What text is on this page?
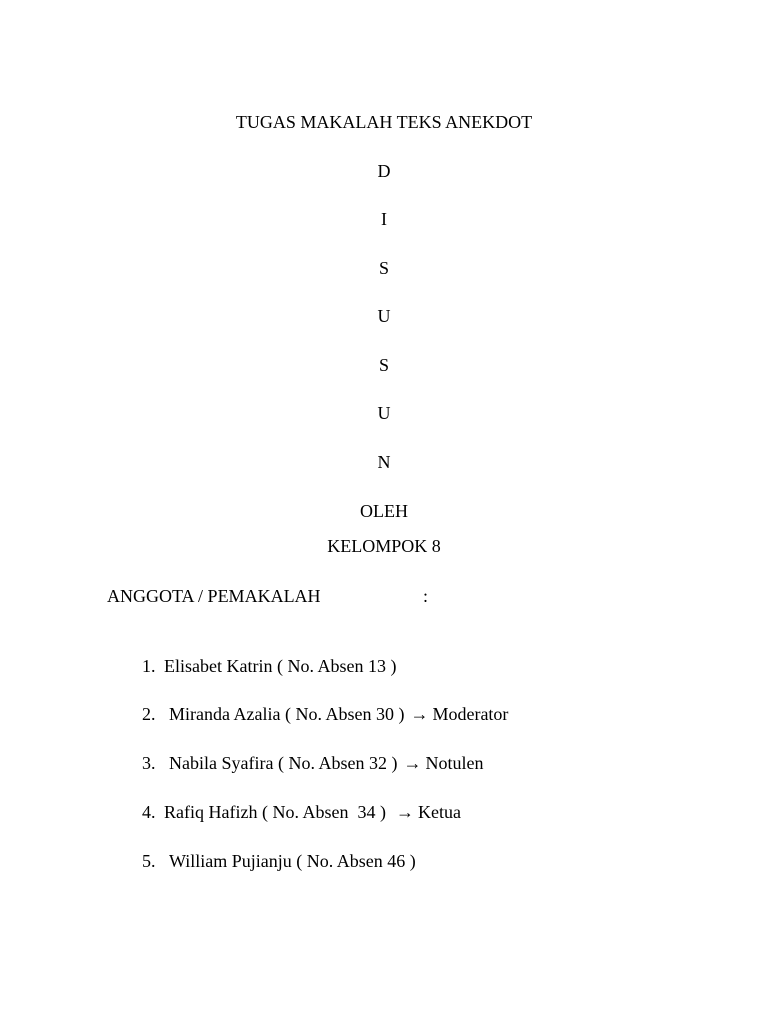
TUGAS MAKALAH TEKS ANEKDOT
D
I
S
U
S
U
N
OLEH
KELOMPOK 8
ANGGOTA / PEMAKALAH	:

1. Elisabet Katrin ( No. Absen 13 )

2. Miranda Azalia ( No. Absen 30 ) → Moderator

3. Nabila Syafira ( No. Absen 32 ) → Notulen

4. Rafiq Hafizh ( No. Absen  34 ) → Ketua

5. William Pujianju ( No. Absen 46 )
